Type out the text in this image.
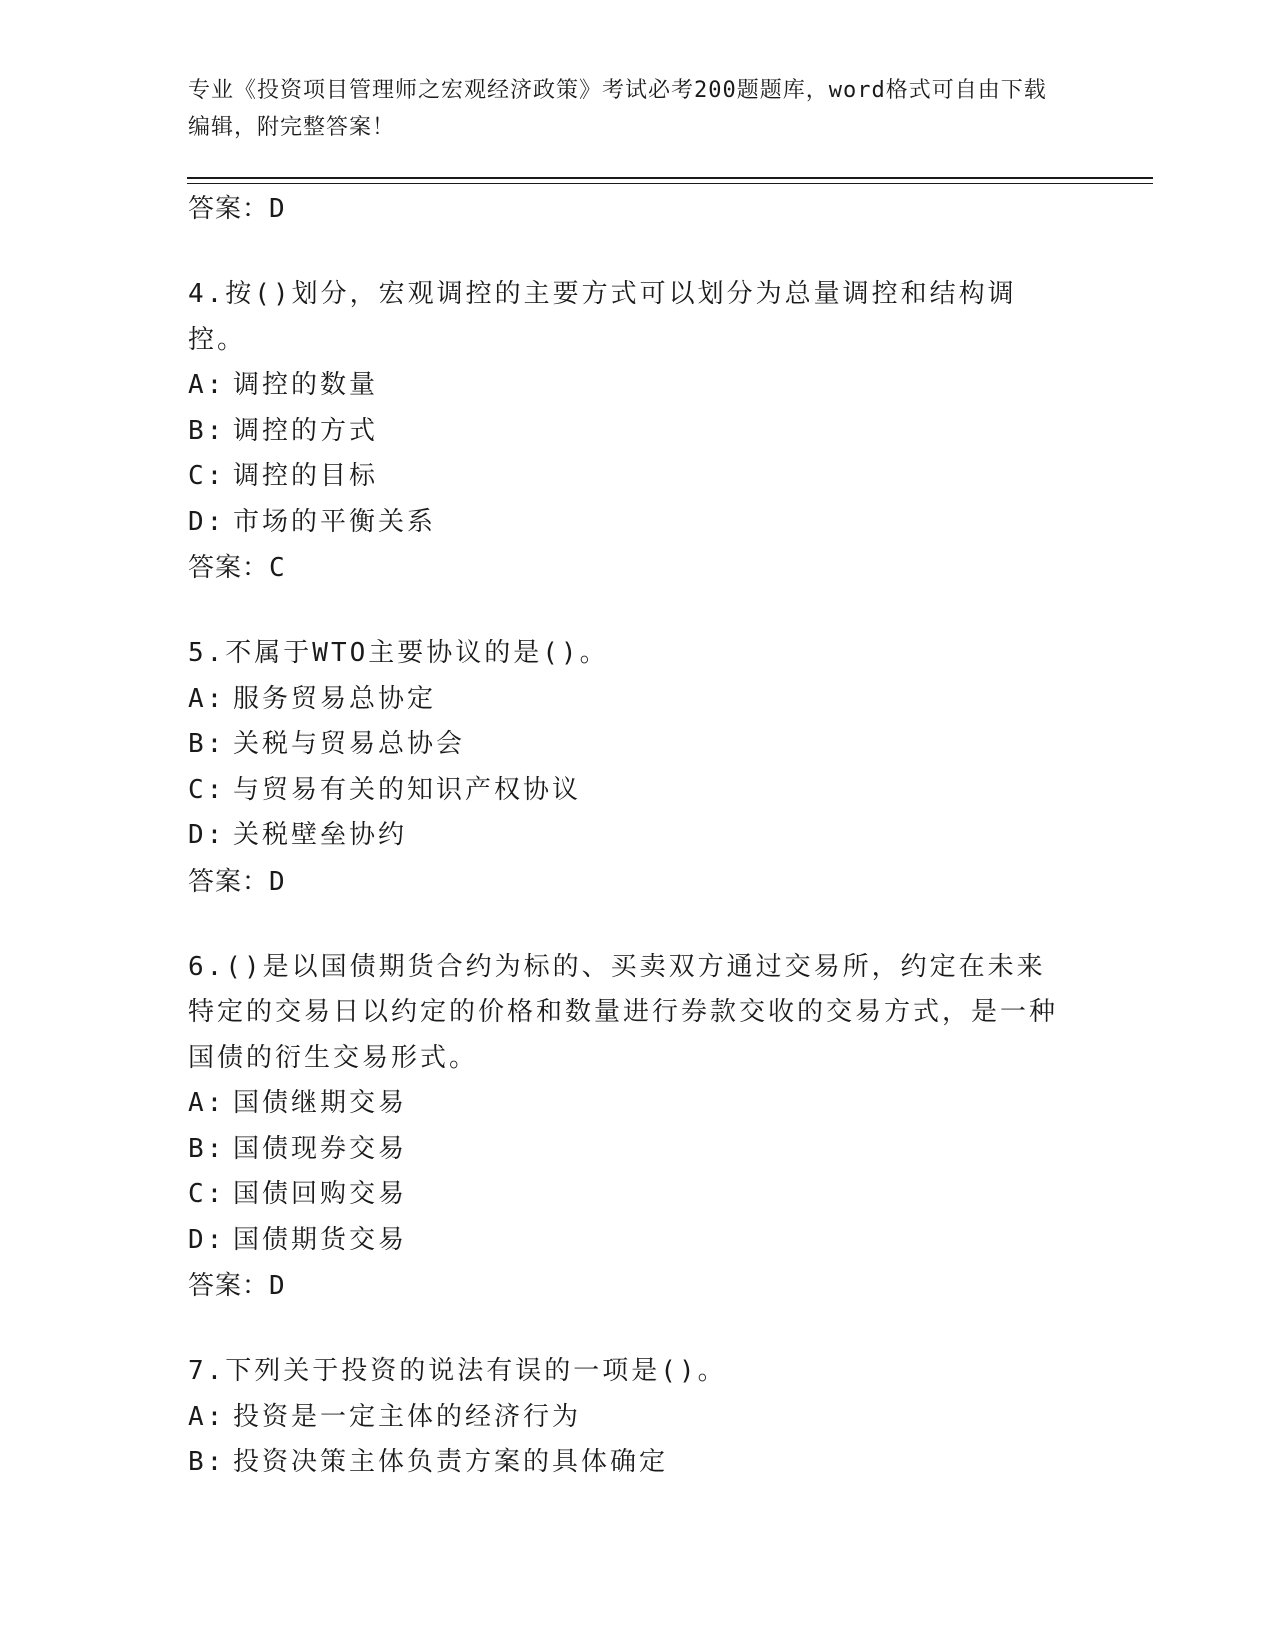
专业《投资项目管理师之宏观经济政策》考试必考200题题库，word格式可自由下载编辑，附完整答案！
答案：D
4.按()划分，宏观调控的主要方式可以划分为总量调控和结构调控。
A: 调控的数量
B: 调控的方式
C: 调控的目标
D: 市场的平衡关系
答案：C
5.不属于WTO主要协议的是()。
A: 服务贸易总协定
B: 关税与贸易总协会
C: 与贸易有关的知识产权协议
D: 关税壁垒协约
答案：D
6.()是以国债期货合约为标的、买卖双方通过交易所，约定在未来特定的交易日以约定的价格和数量进行券款交收的交易方式，是一种国债的衍生交易形式。
A: 国债继期交易
B: 国债现券交易
C: 国债回购交易
D: 国债期货交易
答案：D
7.下列关于投资的说法有误的一项是()。
A: 投资是一定主体的经济行为
B: 投资决策主体负责方案的具体确定
